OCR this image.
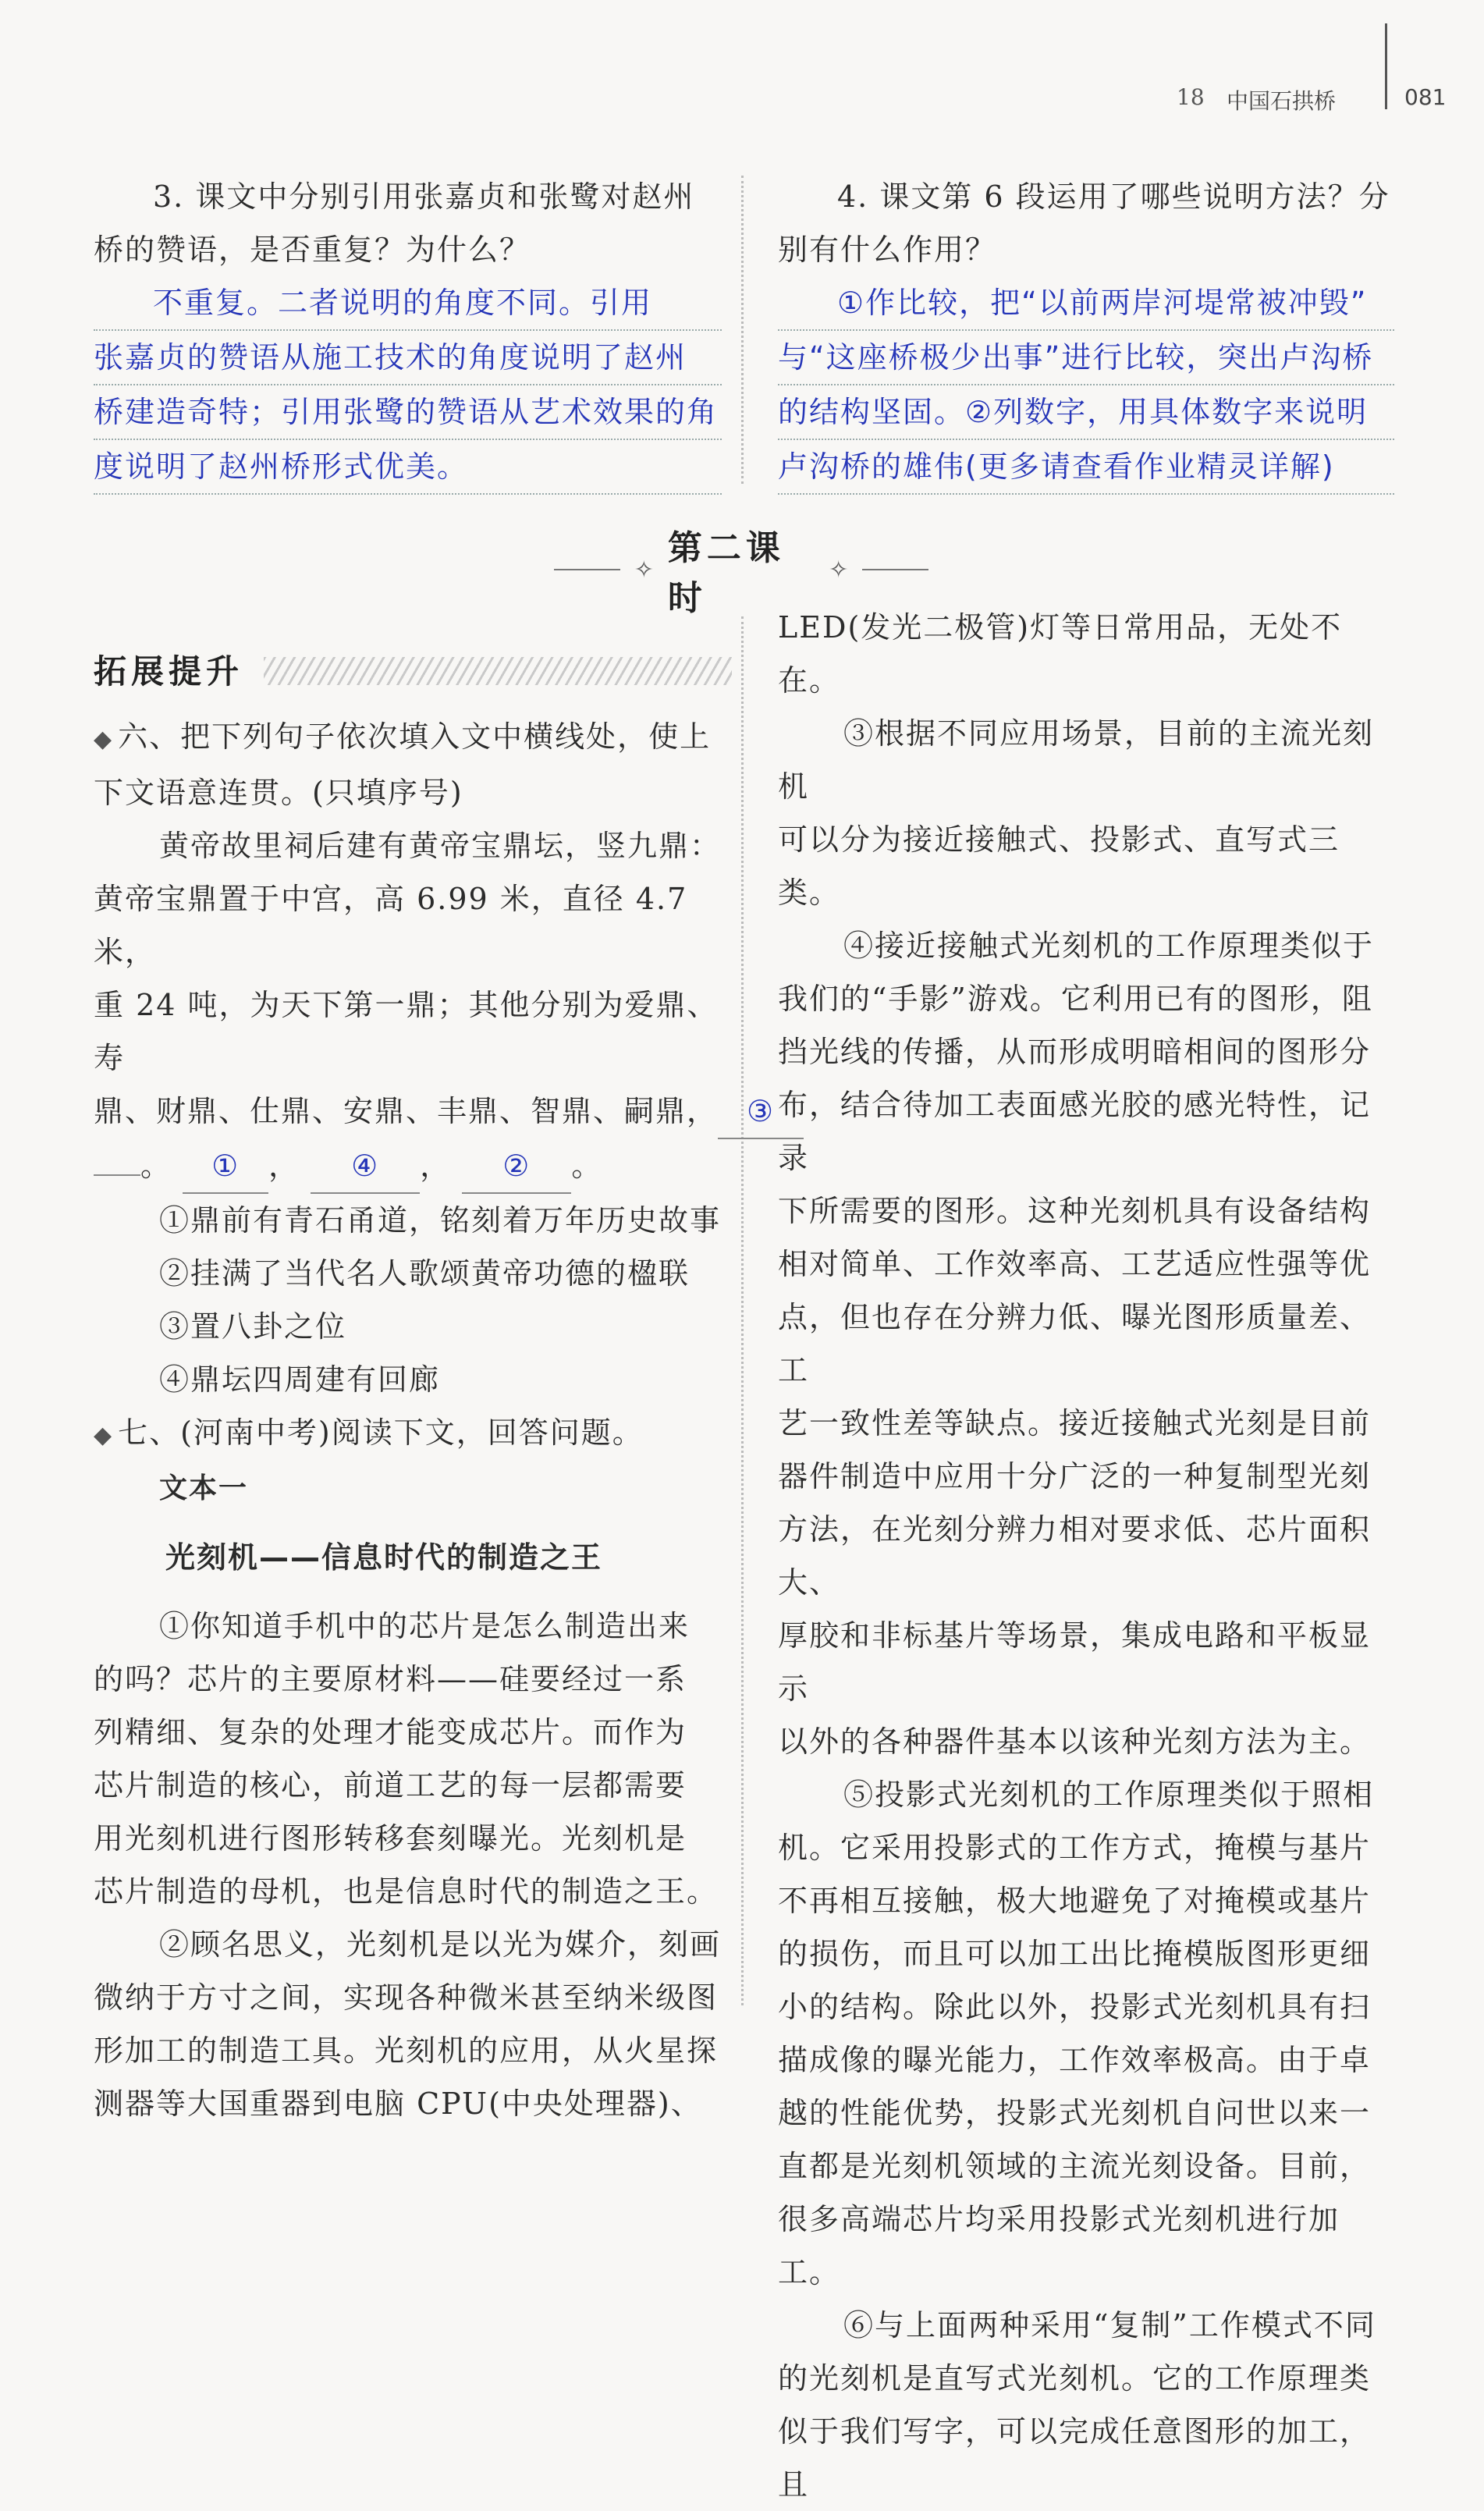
18 中国石拱桥	081
3. 课文中分别引用张嘉贞和张鹭对赵州
桥的赞语，是否重复？为什么？
不重复。二者说明的角度不同。引用
张嘉贞的赞语从施工技术的角度说明了赵州
桥建造奇特；引用张鹭的赞语从艺术效果的角
度说明了赵州桥形式优美。
4. 课文第 6 段运用了哪些说明方法？分
别有什么作用？
①作比较，把“以前两岸河堤常被冲毁”
与“这座桥极少出事”进行比较，突出卢沟桥
的结构坚固。②列数字，用具体数字来说明
卢沟桥的雄伟(更多请查看作业精灵详解)
✧
第二课时
✧
拓展提升
◆ 六、把下列句子依次填入文中横线处，使上
下文语意连贯。(只填序号)
黄帝故里祠后建有黄帝宝鼎坛，竖九鼎：
黄帝宝鼎置于中宫，高 6.99 米，直径 4.7 米，
重 24 吨，为天下第一鼎；其他分别为爱鼎、寿
鼎、财鼎、仕鼎、安鼎、丰鼎、智鼎、嗣鼎， ③
。 ① ， ④ ， ② 。
①鼎前有青石甬道，铭刻着万年历史故事
②挂满了当代名人歌颂黄帝功德的楹联
③置八卦之位
④鼎坛四周建有回廊
◆ 七、(河南中考)阅读下文，回答问题。
文本一
光刻机——信息时代的制造之王
①你知道手机中的芯片是怎么制造出来
的吗？芯片的主要原材料——硅要经过一系
列精细、复杂的处理才能变成芯片。而作为
芯片制造的核心，前道工艺的每一层都需要
用光刻机进行图形转移套刻曝光。光刻机是
芯片制造的母机，也是信息时代的制造之王。
②顾名思义，光刻机是以光为媒介，刻画
微纳于方寸之间，实现各种微米甚至纳米级图
形加工的制造工具。光刻机的应用，从火星探
测器等大国重器到电脑 CPU(中央处理器)、
LED(发光二极管)灯等日常用品，无处不在。
③根据不同应用场景，目前的主流光刻机
可以分为接近接触式、投影式、直写式三类。
④接近接触式光刻机的工作原理类似于
我们的“手影”游戏。它利用已有的图形，阻
挡光线的传播，从而形成明暗相间的图形分
布，结合待加工表面感光胶的感光特性，记录
下所需要的图形。这种光刻机具有设备结构
相对简单、工作效率高、工艺适应性强等优
点，但也存在分辨力低、曝光图形质量差、工
艺一致性差等缺点。接近接触式光刻是目前
器件制造中应用十分广泛的一种复制型光刻
方法，在光刻分辨力相对要求低、芯片面积大、
厚胶和非标基片等场景，集成电路和平板显示
以外的各种器件基本以该种光刻方法为主。
⑤投影式光刻机的工作原理类似于照相
机。它采用投影式的工作方式，掩模与基片
不再相互接触，极大地避免了对掩模或基片
的损伤，而且可以加工出比掩模版图形更细
小的结构。除此以外，投影式光刻机具有扫
描成像的曝光能力，工作效率极高。由于卓
越的性能优势，投影式光刻机自问世以来一
直都是光刻机领域的主流光刻设备。目前，
很多高端芯片均采用投影式光刻机进行加工。
⑥与上面两种采用“复制”工作模式不同
的光刻机是直写式光刻机。它的工作原理类
似于我们写字，可以完成任意图形的加工，且
